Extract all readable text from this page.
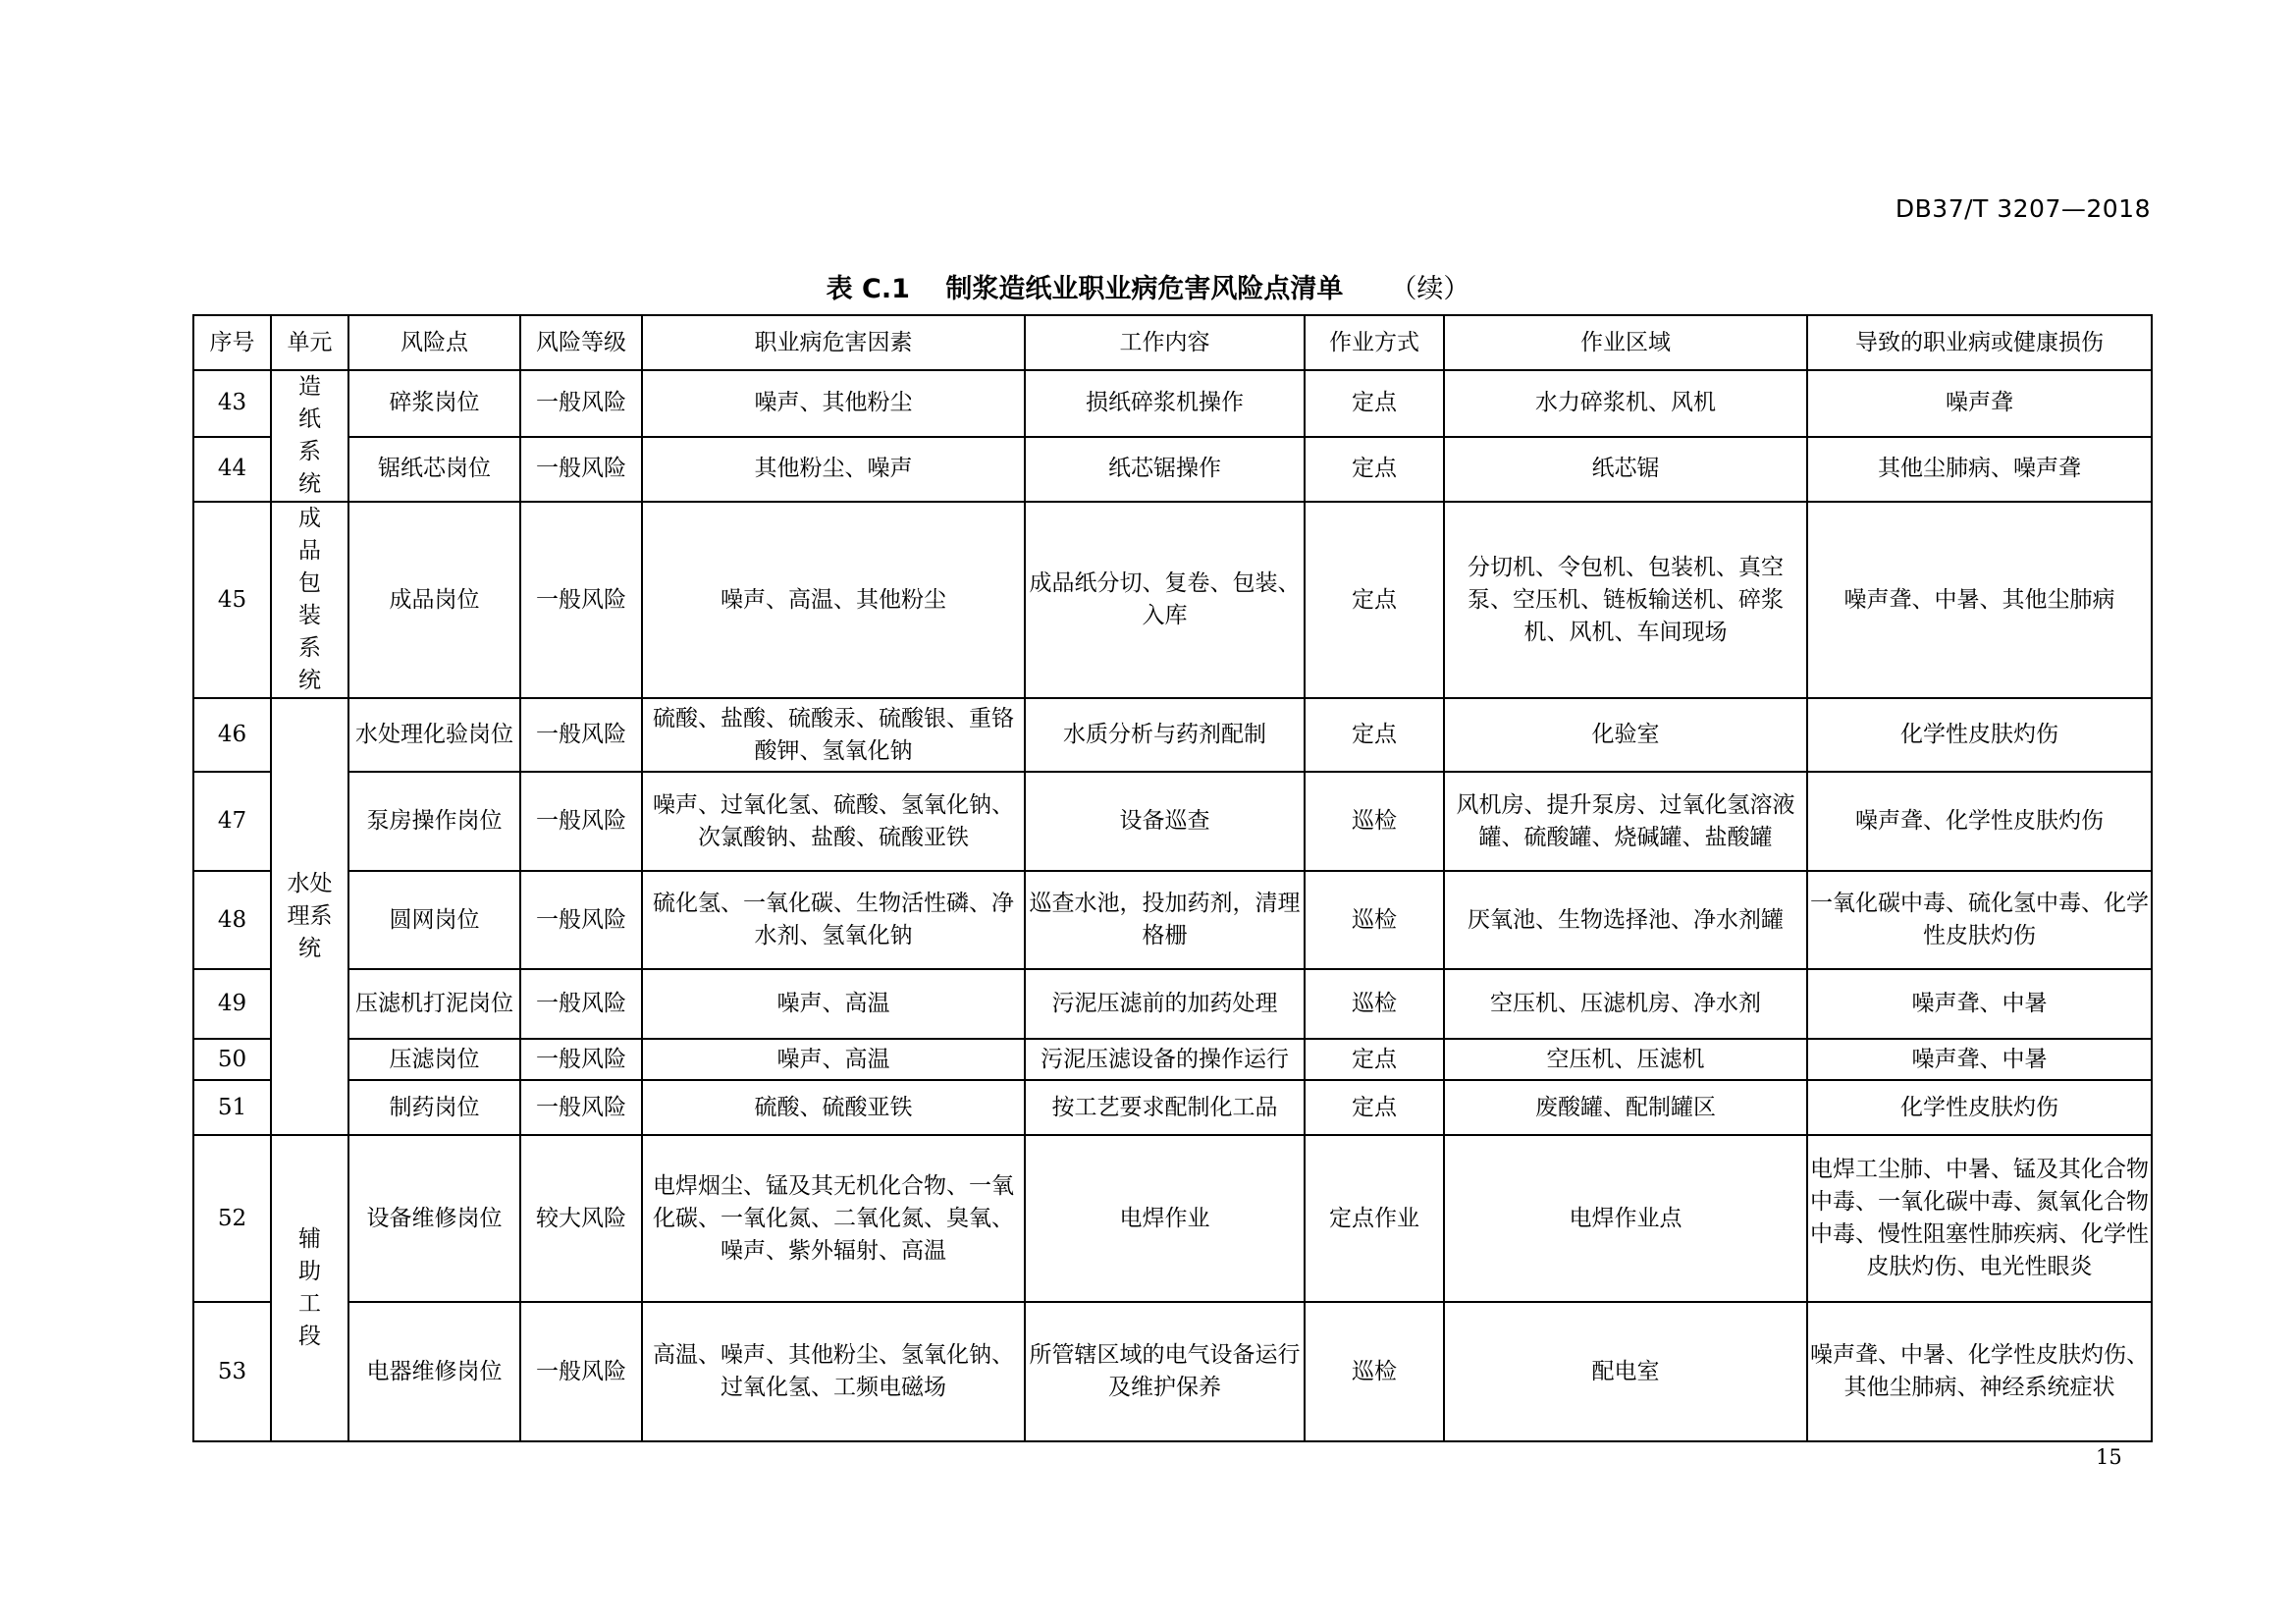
DB37/T 3207—2018
表 C.1　 制浆造纸业职业病危害风险点清单 （续）
序号	单元	风险点	风险等级	职业病危害因素	工作内容	作业方式	作业区域	导致的职业病或健康损伤
43	造纸系统	碎浆岗位	一般风险	噪声、其他粉尘	损纸碎浆机操作	定点	水力碎浆机、风机	噪声聋
44		锯纸芯岗位	一般风险	其他粉尘、噪声	纸芯锯操作	定点	纸芯锯	其他尘肺病、噪声聋
45	成品包装系统	成品岗位	一般风险	噪声、高温、其他粉尘	成品纸分切、复卷、包装、入库	定点	分切机、令包机、包装机、真空泵、空压机、链板输送机、碎浆机、风机、车间现场	噪声聋、中暑、其他尘肺病
46	水处理系统	水处理化验岗位	一般风险	硫酸、盐酸、硫酸汞、硫酸银、重铬酸钾、氢氧化钠	水质分析与药剂配制	定点	化验室	化学性皮肤灼伤
47		泵房操作岗位	一般风险	噪声、过氧化氢、硫酸、氢氧化钠、次氯酸钠、盐酸、硫酸亚铁	设备巡查	巡检	风机房、提升泵房、过氧化氢溶液罐、硫酸罐、烧碱罐、盐酸罐	噪声聋、化学性皮肤灼伤
48		圆网岗位	一般风险	硫化氢、一氧化碳、生物活性磷、净水剂、氢氧化钠	巡查水池，投加药剂，清理格栅	巡检	厌氧池、生物选择池、净水剂罐	一氧化碳中毒、硫化氢中毒、化学性皮肤灼伤
49		压滤机打泥岗位	一般风险	噪声、高温	污泥压滤前的加药处理	巡检	空压机、压滤机房、净水剂	噪声聋、中暑
50		压滤岗位	一般风险	噪声、高温	污泥压滤设备的操作运行	定点	空压机、压滤机	噪声聋、中暑
51		制药岗位	一般风险	硫酸、硫酸亚铁	按工艺要求配制化工品	定点	废酸罐、配制罐区	化学性皮肤灼伤
52	辅助工段	设备维修岗位	较大风险	电焊烟尘、锰及其无机化合物、一氧化碳、一氧化氮、二氧化氮、臭氧、噪声、紫外辐射、高温	电焊作业	定点作业	电焊作业点	电焊工尘肺、中暑、锰及其化合物中毒、一氧化碳中毒、氮氧化合物中毒、慢性阻塞性肺疾病、化学性皮肤灼伤、电光性眼炎
53		电器维修岗位	一般风险	高温、噪声、其他粉尘、氢氧化钠、过氧化氢、工频电磁场	所管辖区域的电气设备运行及维护保养	巡检	配电室	噪声聋、中暑、化学性皮肤灼伤、其他尘肺病、神经系统症状
15
